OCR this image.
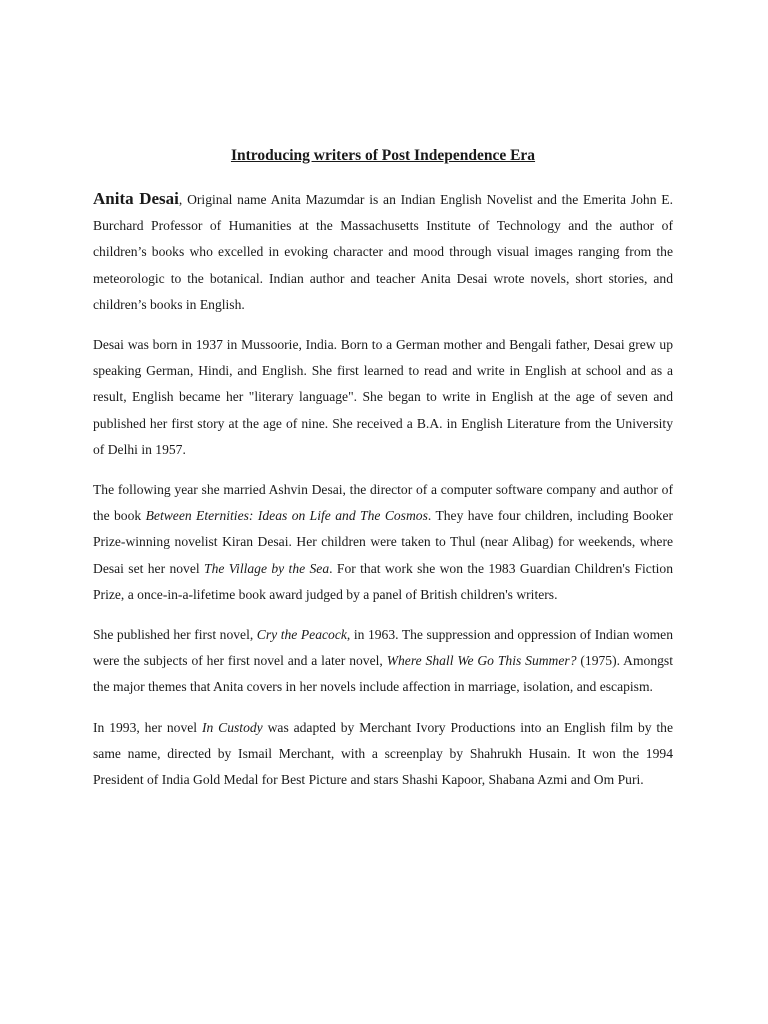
Introducing writers of Post Independence Era

Anita Desai, Original name Anita Mazumdar is an Indian English Novelist and the Emerita John E. Burchard Professor of Humanities at the Massachusetts Institute of Technology and the author of children’s books who excelled in evoking character and mood through visual images ranging from the meteorologic to the botanical. Indian author and teacher Anita Desai wrote novels, short stories, and children’s books in English.

Desai was born in 1937 in Mussoorie, India. Born to a German mother and Bengali father, Desai grew up speaking German, Hindi, and English. She first learned to read and write in English at school and as a result, English became her "literary language". She began to write in English at the age of seven and published her first story at the age of nine. She received a B.A. in English Literature from the University of Delhi in 1957.

The following year she married Ashvin Desai, the director of a computer software company and author of the book Between Eternities: Ideas on Life and The Cosmos. They have four children, including Booker Prize-winning novelist Kiran Desai. Her children were taken to Thul (near Alibag) for weekends, where Desai set her novel The Village by the Sea. For that work she won the 1983 Guardian Children's Fiction Prize, a once-in-a-lifetime book award judged by a panel of British children's writers.

She published her first novel, Cry the Peacock, in 1963. The suppression and oppression of Indian women were the subjects of her first novel and a later novel, Where Shall We Go This Summer? (1975). Amongst the major themes that Anita covers in her novels include affection in marriage, isolation, and escapism.

In 1993, her novel In Custody was adapted by Merchant Ivory Productions into an English film by the same name, directed by Ismail Merchant, with a screenplay by Shahrukh Husain. It won the 1994 President of India Gold Medal for Best Picture and stars Shashi Kapoor, Shabana Azmi and Om Puri.
